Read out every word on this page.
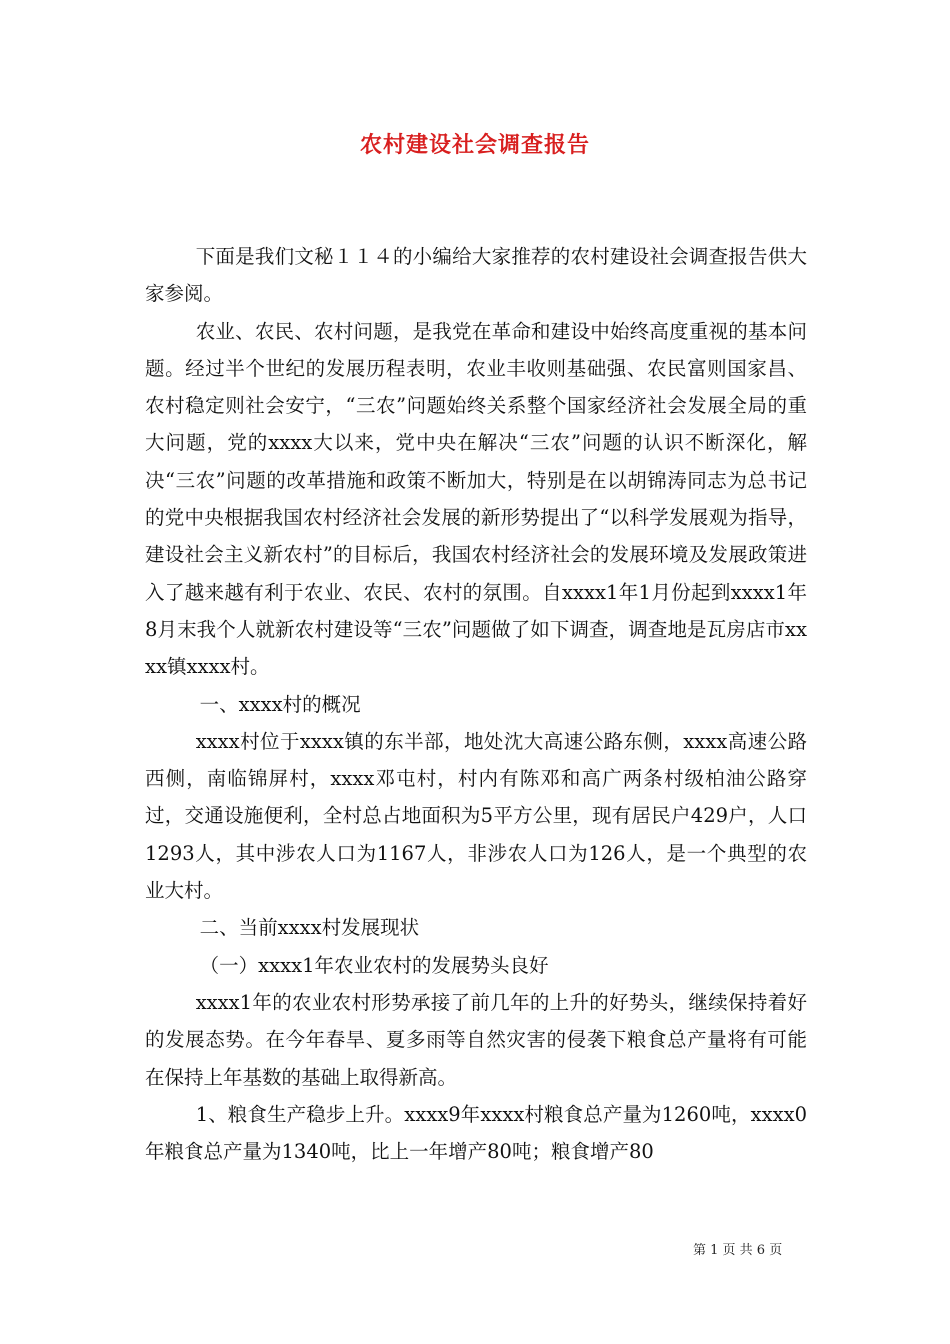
农村建设社会调查报告

下面是我们文秘１１４的小编给大家推荐的农村建设社会调查报告供大家参阅。

农业、农民、农村问题，是我党在革命和建设中始终高度重视的基本问题。经过半个世纪的发展历程表明，农业丰收则基础强、农民富则国家昌、农村稳定则社会安宁，“三农”问题始终关系整个国家经济社会发展全局的重大问题，党的xxxx大以来，党中央在解决“三农”问题的认识不断深化，解决“三农”问题的改革措施和政策不断加大，特别是在以胡锦涛同志为总书记的党中央根据我国农村经济社会发展的新形势提出了“以科学发展观为指导，建设社会主义新农村”的目标后，我国农村经济社会的发展环境及发展政策进入了越来越有利于农业、农民、农村的氛围。自xxxx1年1月份起到xxxx1年8月末我个人就新农村建设等“三农”问题做了如下调查，调查地是瓦房店市xxxx镇xxxx村。

一、xxxx村的概况

xxxx村位于xxxx镇的东半部，地处沈大高速公路东侧，xxxx高速公路西侧，南临锦屏村，xxxx邓屯村，村内有陈邓和高广两条村级柏油公路穿过，交通设施便利，全村总占地面积为5平方公里，现有居民户429户，人口1293人，其中涉农人口为1167人，非涉农人口为126人，是一个典型的农业大村。

二、当前xxxx村发展现状

（一）xxxx1年农业农村的发展势头良好

xxxx1年的农业农村形势承接了前几年的上升的好势头，继续保持着好的发展态势。在今年春旱、夏多雨等自然灾害的侵袭下粮食总产量将有可能在保持上年基数的基础上取得新高。

1、粮食生产稳步上升。xxxx9年xxxx村粮食总产量为1260吨，xxxx0年粮食总产量为1340吨，比上一年增产80吨；粮食增产80

第 1 页 共 6 页
